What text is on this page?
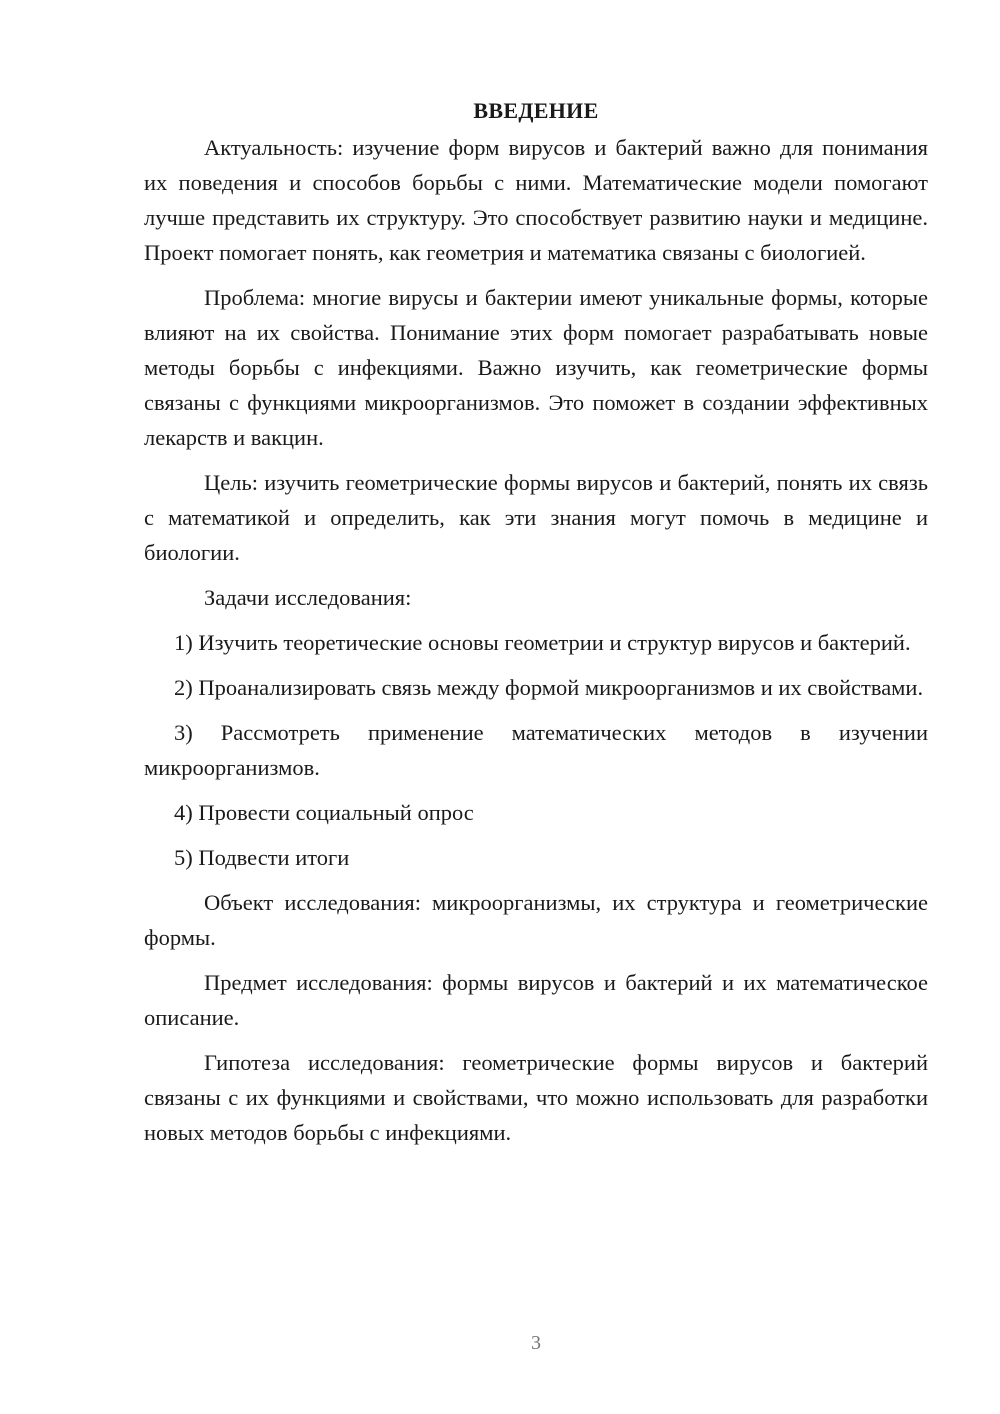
ВВЕДЕНИЕ

Актуальность: изучение форм вирусов и бактерий важно для понимания их поведения и способов борьбы с ними. Математические модели помогают лучше представить их структуру. Это способствует развитию науки и медицине. Проект помогает понять, как геометрия и математика связаны с биологией.

Проблема: многие вирусы и бактерии имеют уникальные формы, которые влияют на их свойства. Понимание этих форм помогает разрабатывать новые методы борьбы с инфекциями. Важно изучить, как геометрические формы связаны с функциями микроорганизмов. Это поможет в создании эффективных лекарств и вакцин.

Цель: изучить геометрические формы вирусов и бактерий, понять их связь с математикой и определить, как эти знания могут помочь в медицине и биологии.

Задачи исследования:

1) Изучить теоретические основы геометрии и структур вирусов и бактерий.

2) Проанализировать связь между формой микроорганизмов и их свойствами.

3) Рассмотреть применение математических методов в изучении микроорганизмов.

4) Провести социальный опрос

5) Подвести итоги

Объект исследования: микроорганизмы, их структура и геометрические формы.

Предмет исследования: формы вирусов и бактерий и их математическое описание.

Гипотеза исследования: геометрические формы вирусов и бактерий связаны с их функциями и свойствами, что можно использовать для разработки новых методов борьбы с инфекциями.

3
